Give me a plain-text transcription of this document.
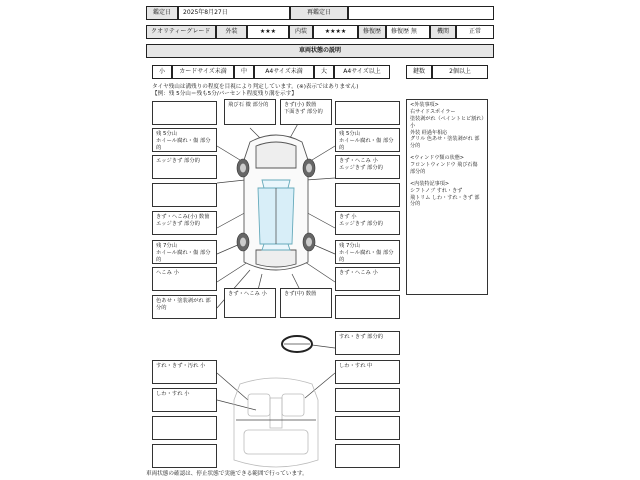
鑑定日	2025年8月27日	再鑑定日
クオリティーグレード	外装	★★★	内装	★★★★	修復歴	修復歴 無	機関	正常
車両状態の説明
小	カードサイズ未満	中	A4サイズ未満	大	A4サイズ以上	鍵数	2個以上
タイヤ残山は溝残りの程度を目視により判定しています。(※)表示ではありません)
【例：残 5分山＝残も5分/パーセント程度残り溝を示す】
残 5分山
ホイール腐れ・傷 部分的
エッジきず 部分的
きず・へこみ(小) 数箇
エッジきず 部分的
残 7分山
ホイール腐れ・傷 部分的
へこみ 小
色あせ・塗装剥がれ 部分的
すれ・きず・汚れ 小
しわ・すれ 小
飛び石 微 部分的	きず(小) 数箇
下面きず 部分的
きず・へこみ 小	きず(中) 数箇
残 5分山
ホイール腐れ・傷 部分的
きず・へこみ 小
エッジきず 部分的
きず 小
エッジきず 部分的
残 7分山
ホイール腐れ・傷 部分的
きず・へこみ 小
すれ・きず 部分的
しわ・すれ 中
<外装事項>
右サイドスポイラー
塗装剥がれ（ペイントヒビ割れ）小
外装 経過年相応
グリル 色あせ・塗装剥がれ 部分的
<ウィンドウ類の状態>
フロントウィンドウ 飛び石傷 部分的
<内装特記事項>
シフトノブ すれ・きず
飛トリム しわ・すれ・きず 部分的
車両状態の確認は、停止状態で実施できる範囲で行っています。
